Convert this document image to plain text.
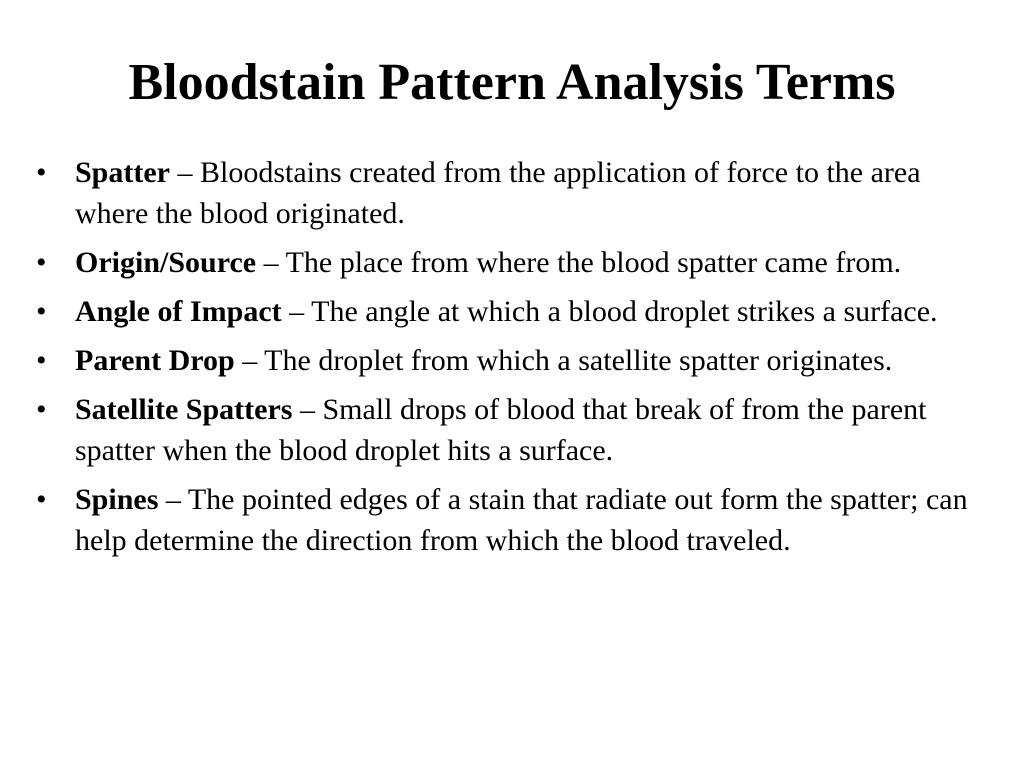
Bloodstain Pattern Analysis Terms
• Spatter – Bloodstains created from the application of force to the area where the blood originated.
• Origin/Source – The place from where the blood spatter came from.
• Angle of Impact – The angle at which a blood droplet strikes a surface.
• Parent Drop – The droplet from which a satellite spatter originates.
• Satellite Spatters – Small drops of blood that break of from the parent spatter when the blood droplet hits a surface.
• Spines – The pointed edges of a stain that radiate out form the spatter; can help determine the direction from which the blood traveled.
